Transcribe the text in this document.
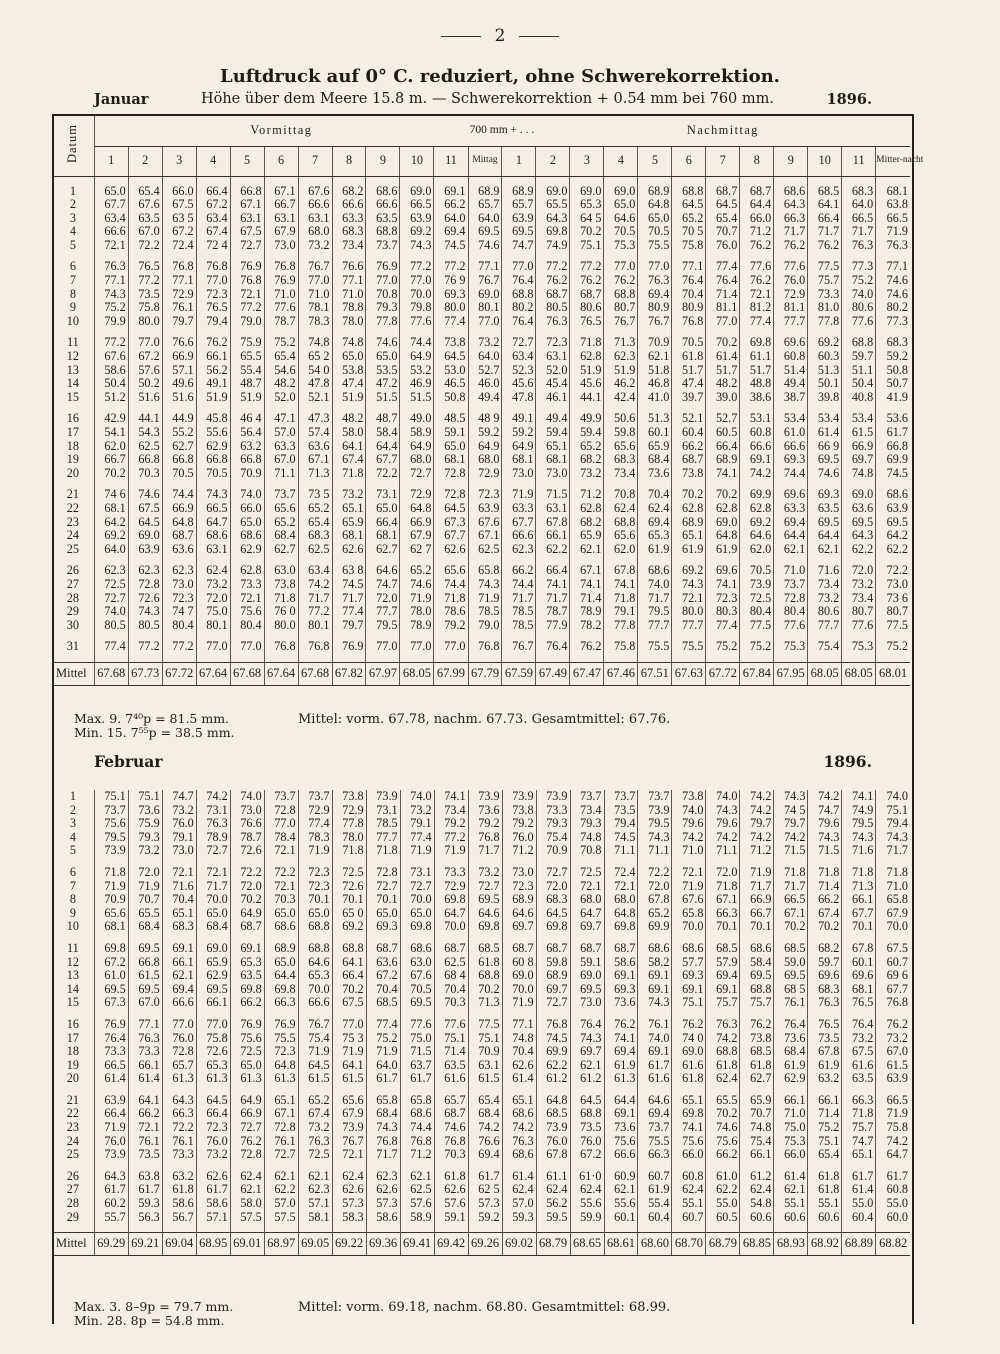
2
Luftdruck auf 0° C. reduziert, ohne Schwerekorrektion.
Januar	Höhe über dem Meere 15.8 m. — Schwerekorrektion + 0.54 mm bei 760 mm.	1896.
Datum	Vormittag											700 mm + . . .		Nachmittag										
	1	2	3	4	5	6	7	8	9	10	11	Mittag	1	2	3	4	5	6	7	8	9	10	11	Mitter-nacht

1	65.0	65.4	66.0	66.4	66.8	67.1	67.6	68.2	68.6	69.0	69.1	68.9	68.9	69.0	69.0	69.0	68.9	68.8	68.7	68.7	68.6	68.5	68.3	68.1
2	67.7	67.6	67.5	67.2	67.1	66.7	66.6	66.6	66.6	66.5	66.2	65.7	65.7	65.5	65.3	65.0	64.8	64.5	64.5	64.4	64.3	64.1	64.0	63.8
3	63.4	63.5	63 5	63.4	63.1	63.1	63.1	63.3	63.5	63.9	64.0	64.0	63.9	64.3	64 5	64.6	65.0	65.2	65.4	66.0	66.3	66.4	66.5	66.5
4	66.6	67.0	67.2	67.4	67.5	67.9	68.0	68.3	68.8	69.2	69.4	69.5	69.5	69.8	70.2	70.5	70.5	70 5	70.7	71.2	71.7	71.7	71.7	71.9
5	72.1	72.2	72.4	72 4	72.7	73.0	73.2	73.4	73.7	74.3	74.5	74.6	74.7	74.9	75.1	75.3	75.5	75.8	76.0	76.2	76.2	76.2	76.3	76.3

6	76.3	76.5	76.8	76.8	76.9	76.8	76.7	76.6	76.9	77.2	77.2	77.1	77.0	77.2	77.2	77.0	77.0	77.1	77.4	77.6	77.6	77.5	77.3	77.1
7	77.1	77.2	77.1	77.0	76.8	76.9	77.0	77.1	77.0	77.0	76 9	76.7	76.4	76.2	76.2	76.2	76.3	76.4	76.4	76.2	76.0	75.7	75.2	74.6
8	74.3	73.5	72.9	72.3	72.1	71.0	71.0	71.0	70.8	70.0	69.3	69.0	68.8	68.7	68.7	68.8	69.4	70.4	71.4	72.1	72.9	73.3	74.0	74.6
9	75.2	75.8	76.1	76.5	77.2	77.6	78.1	78.8	79.3	79.8	80.0	80.1	80.2	80.5	80.6	80.7	80.9	80.9	81.1	81.2	81.1	81.0	80.6	80.2
10	79.9	80.0	79.7	79.4	79.0	78.7	78.3	78.0	77.8	77.6	77.4	77.0	76.4	76.3	76.5	76.7	76.7	76.8	77.0	77.4	77.7	77.8	77.6	77.3

11	77.2	77.0	76.6	76.2	75.9	75.2	74.8	74.8	74.6	74.4	73.8	73.2	72.7	72.3	71.8	71.3	70.9	70.5	70.2	69.8	69.6	69.2	68.8	68.3
12	67.6	67.2	66.9	66.1	65.5	65.4	65 2	65.0	65.0	64.9	64.5	64.0	63.4	63.1	62.8	62.3	62.1	61.8	61.4	61.1	60.8	60.3	59.7	59.2
13	58.6	57.6	57.1	56.2	55.4	54.6	54 0	53.8	53.5	53.2	53.0	52.7	52.3	52.0	51.9	51.9	51.8	51.7	51.7	51.7	51.4	51.3	51.1	50.8
14	50.4	50.2	49.6	49.1	48.7	48.2	47.8	47.4	47.2	46.9	46.5	46.0	45.6	45.4	45.6	46.2	46.8	47.4	48.2	48.8	49.4	50.1	50.4	50.7
15	51.2	51.6	51.6	51.9	51.9	52.0	52.1	51.9	51.5	51.5	50.8	49.4	47.8	46.1	44.1	42.4	41.0	39.7	39.0	38.6	38.7	39.8	40.8	41.9

16	42.9	44.1	44.9	45.8	46 4	47.1	47.3	48.2	48.7	49.0	48.5	48 9	49.1	49.4	49.9	50.6	51.3	52.1	52.7	53.1	53.4	53.4	53.4	53.6
17	54.1	54.3	55.2	55.6	56.4	57.0	57.4	58.0	58.4	58.9	59.1	59.2	59.2	59.4	59.4	59.8	60.1	60.4	60.5	60.8	61.0	61.4	61.5	61.7
18	62.0	62.5	62.7	62.9	63.2	63.3	63.6	64.1	64.4	64.9	65.0	64.9	64.9	65.1	65.2	65.6	65.9	66.2	66.4	66.6	66.6	66 9	66.9	66.8
19	66.7	66.8	66.8	66.8	66.8	67.0	67.1	67.4	67.7	68.0	68.1	68.0	68.1	68.1	68.2	68.3	68.4	68.7	68.9	69.1	69.3	69.5	69.7	69.9
20	70.2	70.3	70.5	70.5	70.9	71.1	71.3	71.8	72.2	72.7	72.8	72.9	73.0	73.0	73.2	73.4	73.6	73.8	74.1	74.2	74.4	74.6	74.8	74.5

21	74 6	74.6	74.4	74.3	74.0	73.7	73 5	73.2	73.1	72.9	72.8	72.3	71.9	71.5	71.2	70.8	70.4	70.2	70.2	69.9	69.6	69.3	69.0	68.6
22	68.1	67.5	66.9	66.5	66.0	65.6	65.2	65.1	65.0	64.8	64.5	63.9	63.3	63.1	62.8	62.4	62.4	62.8	62.8	62.8	63.3	63.5	63.6	63.9
23	64.2	64.5	64.8	64.7	65.0	65.2	65.4	65.9	66.4	66.9	67.3	67.6	67.7	67.8	68.2	68.8	69.4	68.9	69.0	69.2	69.4	69.5	69.5	69.5
24	69.2	69.0	68.7	68.6	68.6	68.4	68.3	68.1	68.1	67.9	67.7	67.1	66.6	66.1	65.9	65.6	65.3	65.1	64.8	64.6	64.4	64.4	64.3	64.2
25	64.0	63.9	63.6	63.1	62.9	62.7	62.5	62.6	62.7	62 7	62.6	62.5	62.3	62.2	62.1	62.0	61.9	61.9	61.9	62.0	62.1	62.1	62.2	62.2

26	62.3	62.3	62.3	62.4	62.8	63.0	63.4	63 8	64.6	65.2	65.6	65.8	66.2	66.4	67.1	67.8	68.6	69.2	69.6	70.5	71.0	71.6	72.0	72.2
27	72.5	72.8	73.0	73.2	73.3	73.8	74.2	74.5	74.7	74.6	74.4	74.3	74.4	74.1	74.1	74.1	74.0	74.3	74.1	73.9	73.7	73.4	73.2	73.0
28	72.7	72.6	72.3	72.0	72.1	71.8	71.7	71.7	72.0	71.9	71.8	71.9	71.7	71.7	71.4	71.8	71.7	72.1	72.3	72.5	72.8	73.2	73.4	73 6
29	74.0	74.3	74 7	75.0	75.6	76 0	77.2	77.4	77.7	78.0	78.6	78.5	78.5	78.7	78.9	79.1	79.5	80.0	80.3	80.4	80.4	80.6	80.7	80.7
30	80.5	80.5	80.4	80.1	80.4	80.0	80.1	79.7	79.5	78.9	79.2	79.0	78.5	77.9	78.2	77.8	77.7	77.7	77.4	77.5	77.6	77.7	77.6	77.5

31	77.4	77.2	77.2	77.0	77.0	76.8	76.8	76.9	77.0	77.0	77.0	76.8	76.7	76.4	76.2	75.8	75.5	75.5	75.2	75.2	75.3	75.4	75.3	75.2

Mittel	67.68	67.73	67.72	67.64	67.68	67.64	67.68	67.82	67.97	68.05	67.99	67.79	67.59	67.49	67.47	67.46	67.51	67.63	67.72	67.84	67.95	68.05	68.05	68.01
Max. 9. 7⁴⁰p = 81.5 mm.
Min. 15. 7⁵⁵p = 38.5 mm.
Mittel: vorm. 67.78, nachm. 67.73. Gesamtmittel: 67.76.
Februar	1896.
1	75.1	75.1	74.7	74.2	74.0	73.7	73.7	73.8	73.9	74.0	74.1	73.9	73.9	73.9	73.7	73.7	73.7	73.8	74.0	74.2	74.3	74.2	74.1	74.0
2	73.7	73.6	73.2	73.1	73.0	72.8	72.9	72.9	73.1	73.2	73.4	73.6	73.8	73.3	73.4	73.5	73.9	74.0	74.3	74.2	74 5	74.7	74.9	75.1
3	75.6	75.9	76.0	76.3	76.6	77.0	77.4	77.8	78.5	79.1	79.2	79.2	79.2	79.3	79.3	79.4	79.5	79.6	79.6	79.7	79.7	79.6	79.5	79.4
4	79.5	79.3	79.1	78.9	78.7	78.4	78.3	78.0	77.7	77.4	77.2	76.8	76.0	75.4	74.8	74.5	74.3	74.2	74.2	74.2	74.2	74.3	74.3	74.3
5	73.9	73.2	73.0	72.7	72.6	72.1	71.9	71.8	71.8	71.9	71.9	71.7	71.2	70.9	70.8	71.1	71.1	71.0	71.1	71.2	71.5	71.5	71.6	71.7

6	71.8	72.0	72.1	72.1	72.2	72.2	72.3	72.5	72.8	73.1	73.3	73.2	73.0	72.7	72.5	72.4	72.2	72.1	72.0	71.9	71.8	71.8	71.8	71.8
7	71.9	71.9	71.6	71.7	72.0	72.1	72.3	72.6	72.7	72.7	72.9	72.7	72.3	72.0	72.1	72.1	72.0	71.9	71.8	71.7	71.7	71.4	71.3	71.0
8	70.9	70.7	70.4	70.0	70.2	70.3	70.1	70.1	70.1	70.0	69.8	69.5	68.9	68.3	68.0	68.0	67.8	67.6	67.1	66.9	66.5	66.2	66.1	65.8
9	65.6	65.5	65.1	65.0	64.9	65.0	65.0	65 0	65.0	65.0	64.7	64.6	64.6	64.5	64.7	64.8	65.2	65.8	66.3	66.7	67.1	67.4	67.7	67.9
10	68.1	68.4	68.3	68.4	68.7	68.6	68.8	69.2	69.3	69.8	70.0	69.8	69.7	69.8	69.7	69.8	69.9	70.0	70.1	70.1	70.2	70.2	70.1	70.0

11	69.8	69.5	69.1	69.0	69.1	68.9	68.8	68.8	68.7	68.6	68.7	68.5	68.7	68.7	68.7	68.7	68.6	68.6	68.5	68.6	68.5	68.2	67.8	67.5
12	67.2	66.8	66.1	65.9	65.3	65.0	64.6	64.1	63.6	63.0	62.5	61.8	60 8	59.8	59.1	58.6	58.2	57.7	57.9	58.4	59.0	59.7	60.1	60.7
13	61.0	61.5	62.1	62.9	63.5	64.4	65.3	66.4	67.2	67.6	68 4	68.8	69.0	68.9	69.0	69.1	69.1	69.3	69.4	69.5	69.5	69.6	69.6	69 6
14	69.5	69.5	69.4	69.5	69.8	69.8	70.0	70.2	70.4	70.5	70.4	70.2	70.0	69.7	69.5	69.3	69.1	69.1	69.1	68.8	68 5	68.3	68.1	67.7
15	67.3	67.0	66.6	66.1	66.2	66.3	66.6	67.5	68.5	69.5	70.3	71.3	71.9	72.7	73.0	73.6	74.3	75.1	75.7	75.7	76.1	76.3	76.5	76.8

16	76.9	77.1	77.0	77.0	76.9	76.9	76.7	77.0	77.4	77.6	77.6	77.5	77.1	76.8	76.4	76.2	76.1	76.2	76.3	76.2	76.4	76.5	76.4	76.2
17	76.4	76.3	76.0	75.8	75.6	75.5	75.4	75 3	75.2	75.0	75.1	75.1	74.8	74.5	74.3	74.1	74.0	74 0	74.2	73.8	73.6	73.5	73.2	73.2
18	73.3	73.3	72.8	72.6	72.5	72.3	71.9	71.9	71.9	71.5	71.4	70.9	70.4	69.9	69.7	69.4	69.1	69.0	68.8	68.5	68.4	67.8	67.5	67.0
19	66.5	66.1	65.7	65.3	65.0	64.8	64.5	64.1	64.0	63.7	63.5	63.1	62.6	62.2	62.1	61.9	61.7	61.6	61.8	61.8	61.9	61.9	61.6	61.5
20	61.4	61.4	61.3	61.3	61.3	61.3	61.5	61.5	61.7	61.7	61.6	61.5	61.4	61.2	61.2	61.3	61.6	61.8	62.4	62.7	62.9	63.2	63.5	63.9

21	63.9	64.1	64.3	64.5	64.9	65.1	65.2	65.6	65.8	65.8	65.7	65.4	65.1	64.8	64.5	64.4	64.6	65.1	65.5	65.9	66.1	66.1	66.3	66.5
22	66.4	66.2	66.3	66.4	66.9	67.1	67.4	67.9	68.4	68.6	68.7	68.4	68.6	68.5	68.8	69.1	69.4	69.8	70.2	70.7	71.0	71.4	71.8	71.9
23	71.9	72.1	72.2	72.3	72.7	72.8	73.2	73.9	74.3	74.4	74.6	74.2	74.2	73.9	73.5	73.6	73.7	74.1	74.6	74.8	75.0	75.2	75.7	75.8
24	76.0	76.1	76.1	76.0	76.2	76.1	76.3	76.7	76.8	76.8	76.8	76.6	76.3	76.0	76.0	75.6	75.5	75.6	75.6	75.4	75.3	75.1	74.7	74.2
25	73.9	73.5	73.3	73.2	72.8	72.7	72.5	72.1	71.7	71.2	70.3	69.4	68.6	67.8	67.2	66.6	66.3	66.0	66.2	66.1	66.0	65.4	65.1	64.7

26	64.3	63.8	63.2	62.6	62.4	62.1	62.1	62.4	62.3	62.1	61.8	61.7	61.4	61.1	61·0	60.9	60.7	60.8	61.0	61.2	61.4	61.8	61.7	61.7
27	61.7	61.7	61.8	61.7	62.1	62.2	62.3	62.6	62.6	62.5	62.6	62 5	62.4	62.4	62.4	62.1	61.9	62.4	62.2	62.4	62.1	61.8	61.4	60.8
28	60.2	59.3	58.6	58.6	58.0	57.0	57.1	57.3	57.3	57.6	57.6	57.3	57.0	56.2	55.6	55.6	55.4	55.1	55.0	54.8	55.1	55.1	55.0	55.0
29	55.7	56.3	56.7	57.1	57.5	57.5	58.1	58.3	58.6	58.9	59.1	59.2	59.3	59.5	59.9	60.1	60.4	60.7	60.5	60.6	60.6	60.6	60.4	60.0

Mittel	69.29	69.21	69.04	68.95	69.01	68.97	69.05	69.22	69.36	69.41	69.42	69.26	69.02	68.79	68.65	68.61	68.60	68.70	68.79	68.85	68.93	68.92	68.89	68.82
Max. 3. 8–9p = 79.7 mm.
Min. 28. 8p = 54.8 mm.
Mittel: vorm. 69.18, nachm. 68.80. Gesamtmittel: 68.99.
